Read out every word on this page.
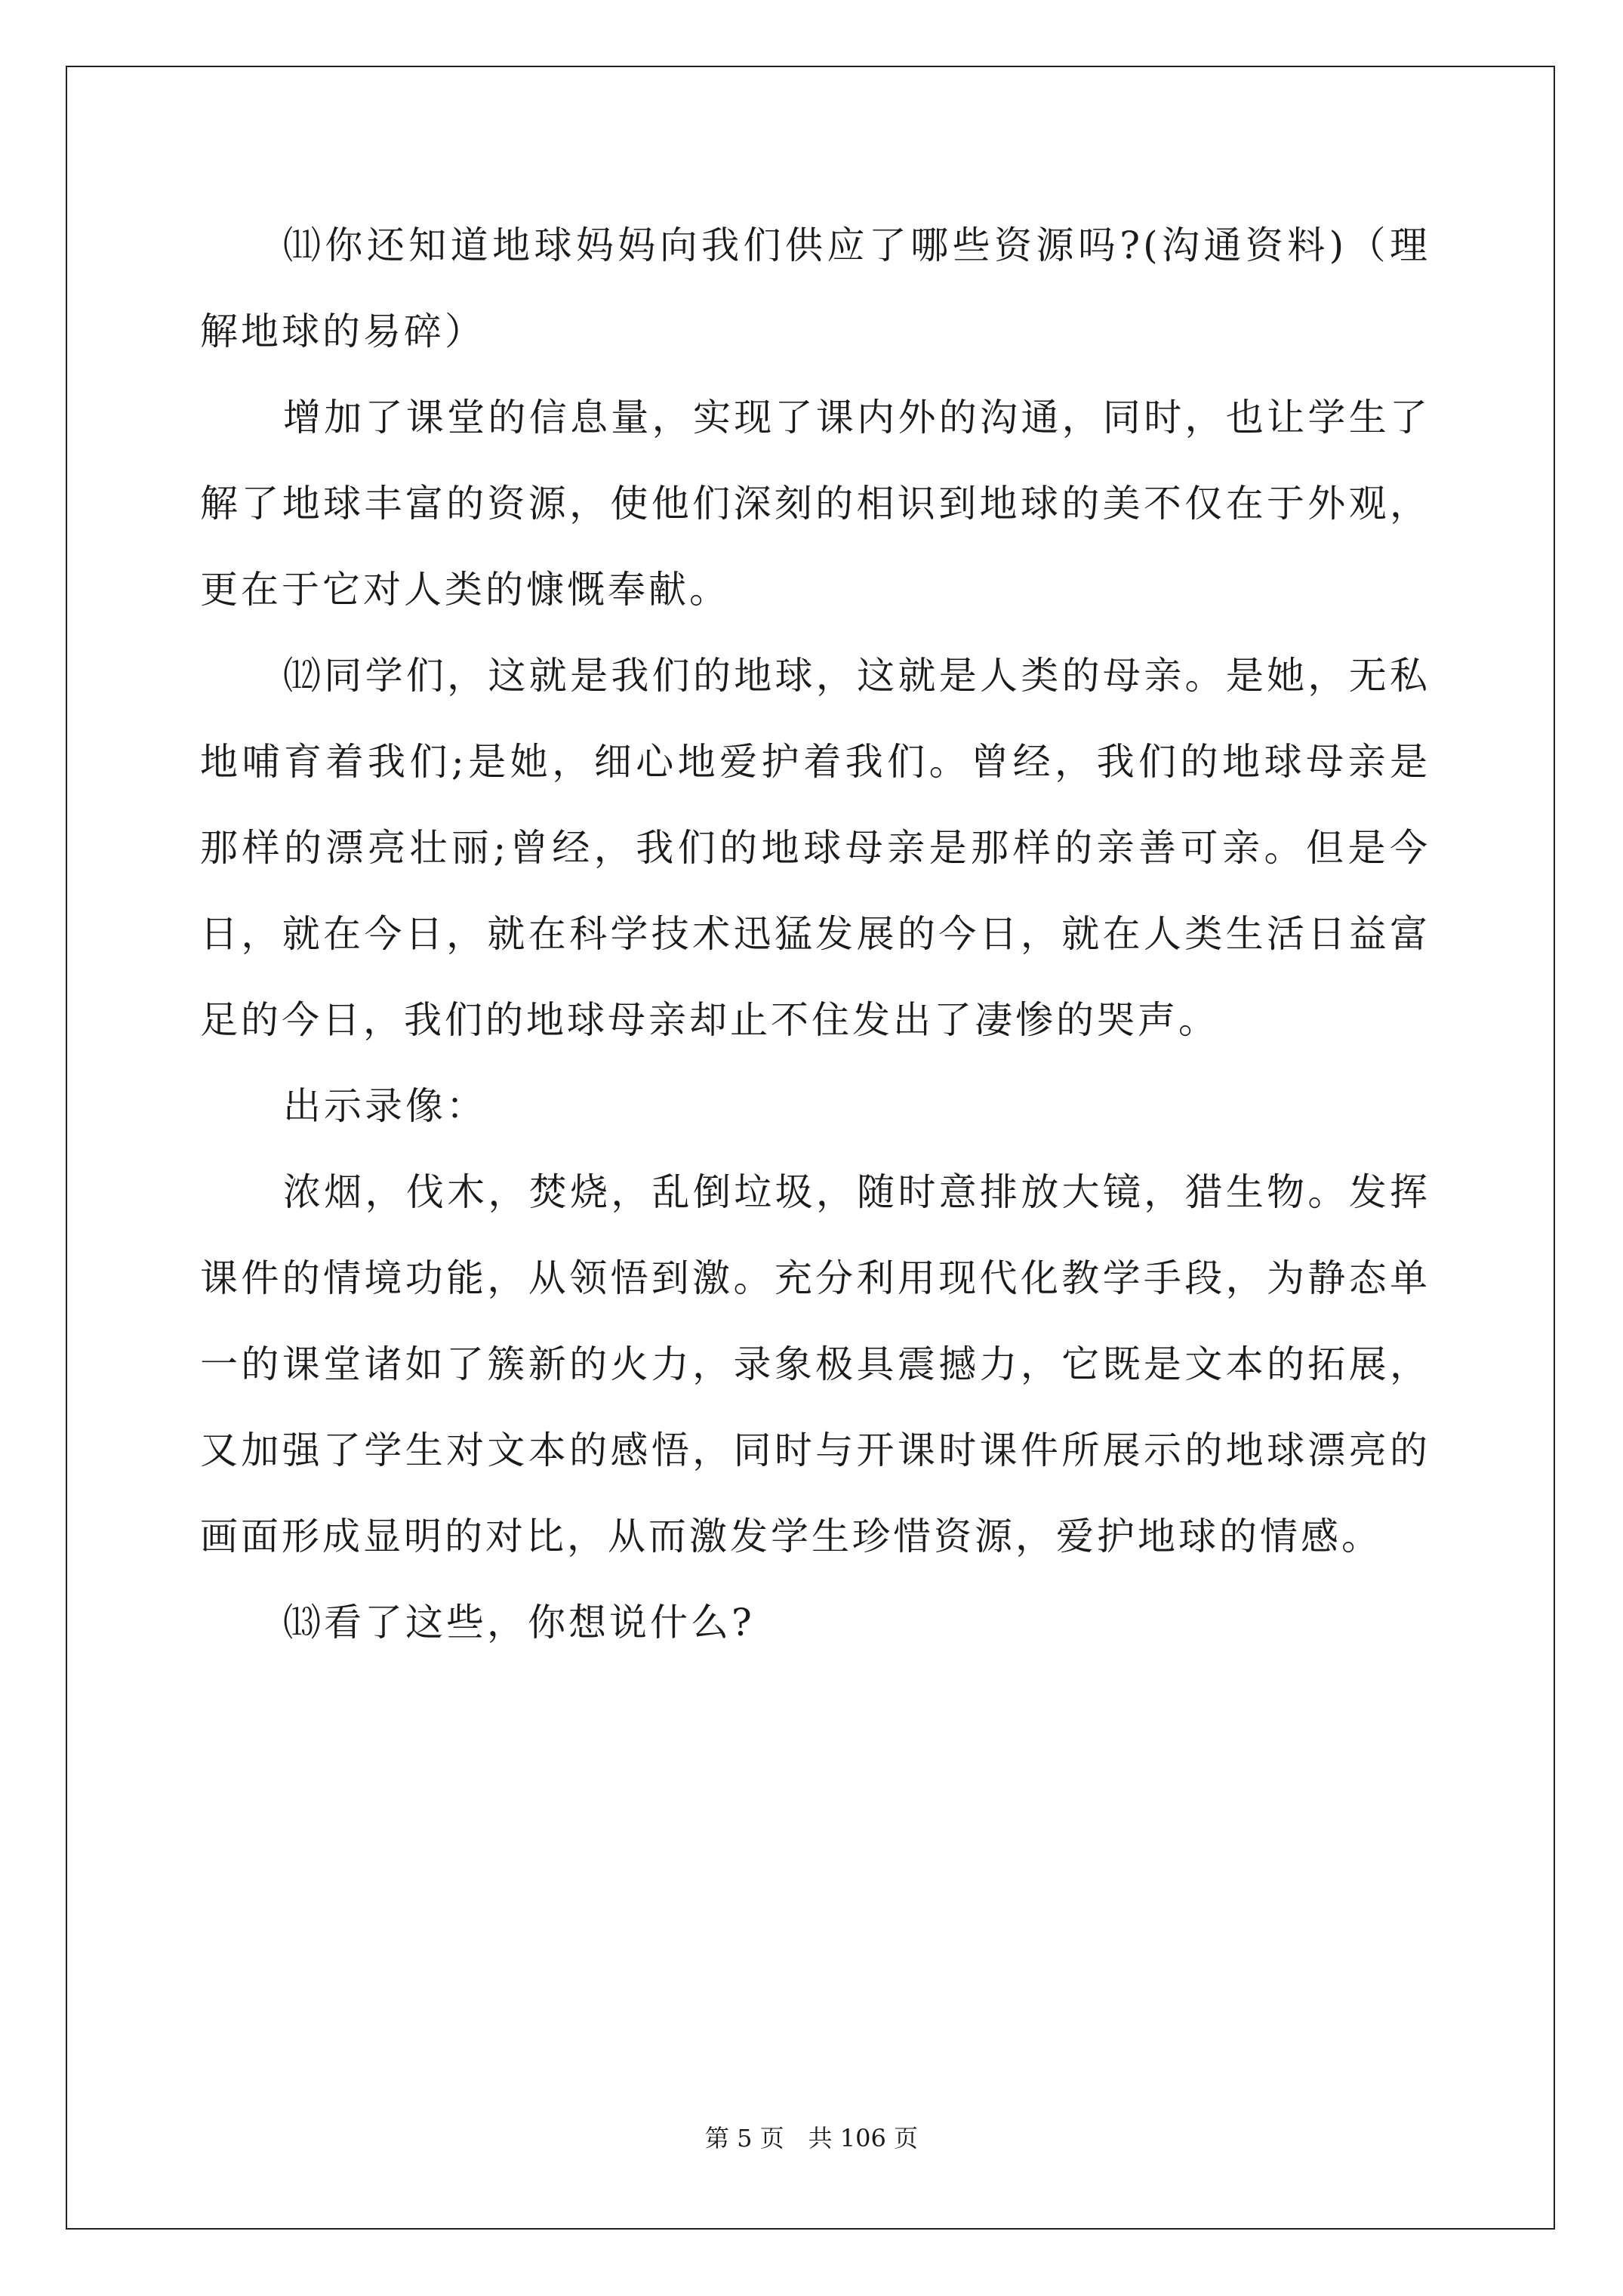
⑾你还知道地球妈妈向我们供应了哪些资源吗?(沟通资料)（理解地球的易碎）

增加了课堂的信息量，实现了课内外的沟通，同时，也让学生了解了地球丰富的资源，使他们深刻的相识到地球的美不仅在于外观，更在于它对人类的慷慨奉献。

⑿同学们，这就是我们的地球，这就是人类的母亲。是她，无私地哺育着我们;是她，细心地爱护着我们。曾经，我们的地球母亲是那样的漂亮壮丽;曾经，我们的地球母亲是那样的亲善可亲。但是今日，就在今日，就在科学技术迅猛发展的今日，就在人类生活日益富足的今日，我们的地球母亲却止不住发出了凄惨的哭声。

出示录像：

浓烟，伐木，焚烧，乱倒垃圾，随时意排放大镜，猎生物。发挥课件的情境功能，从领悟到激。充分利用现代化教学手段，为静态单一的课堂诸如了簇新的火力，录象极具震撼力，它既是文本的拓展，又加强了学生对文本的感悟，同时与开课时课件所展示的地球漂亮的画面形成显明的对比，从而激发学生珍惜资源，爱护地球的情感。

⒀看了这些，你想说什么?

第 5 页　共 106 页
